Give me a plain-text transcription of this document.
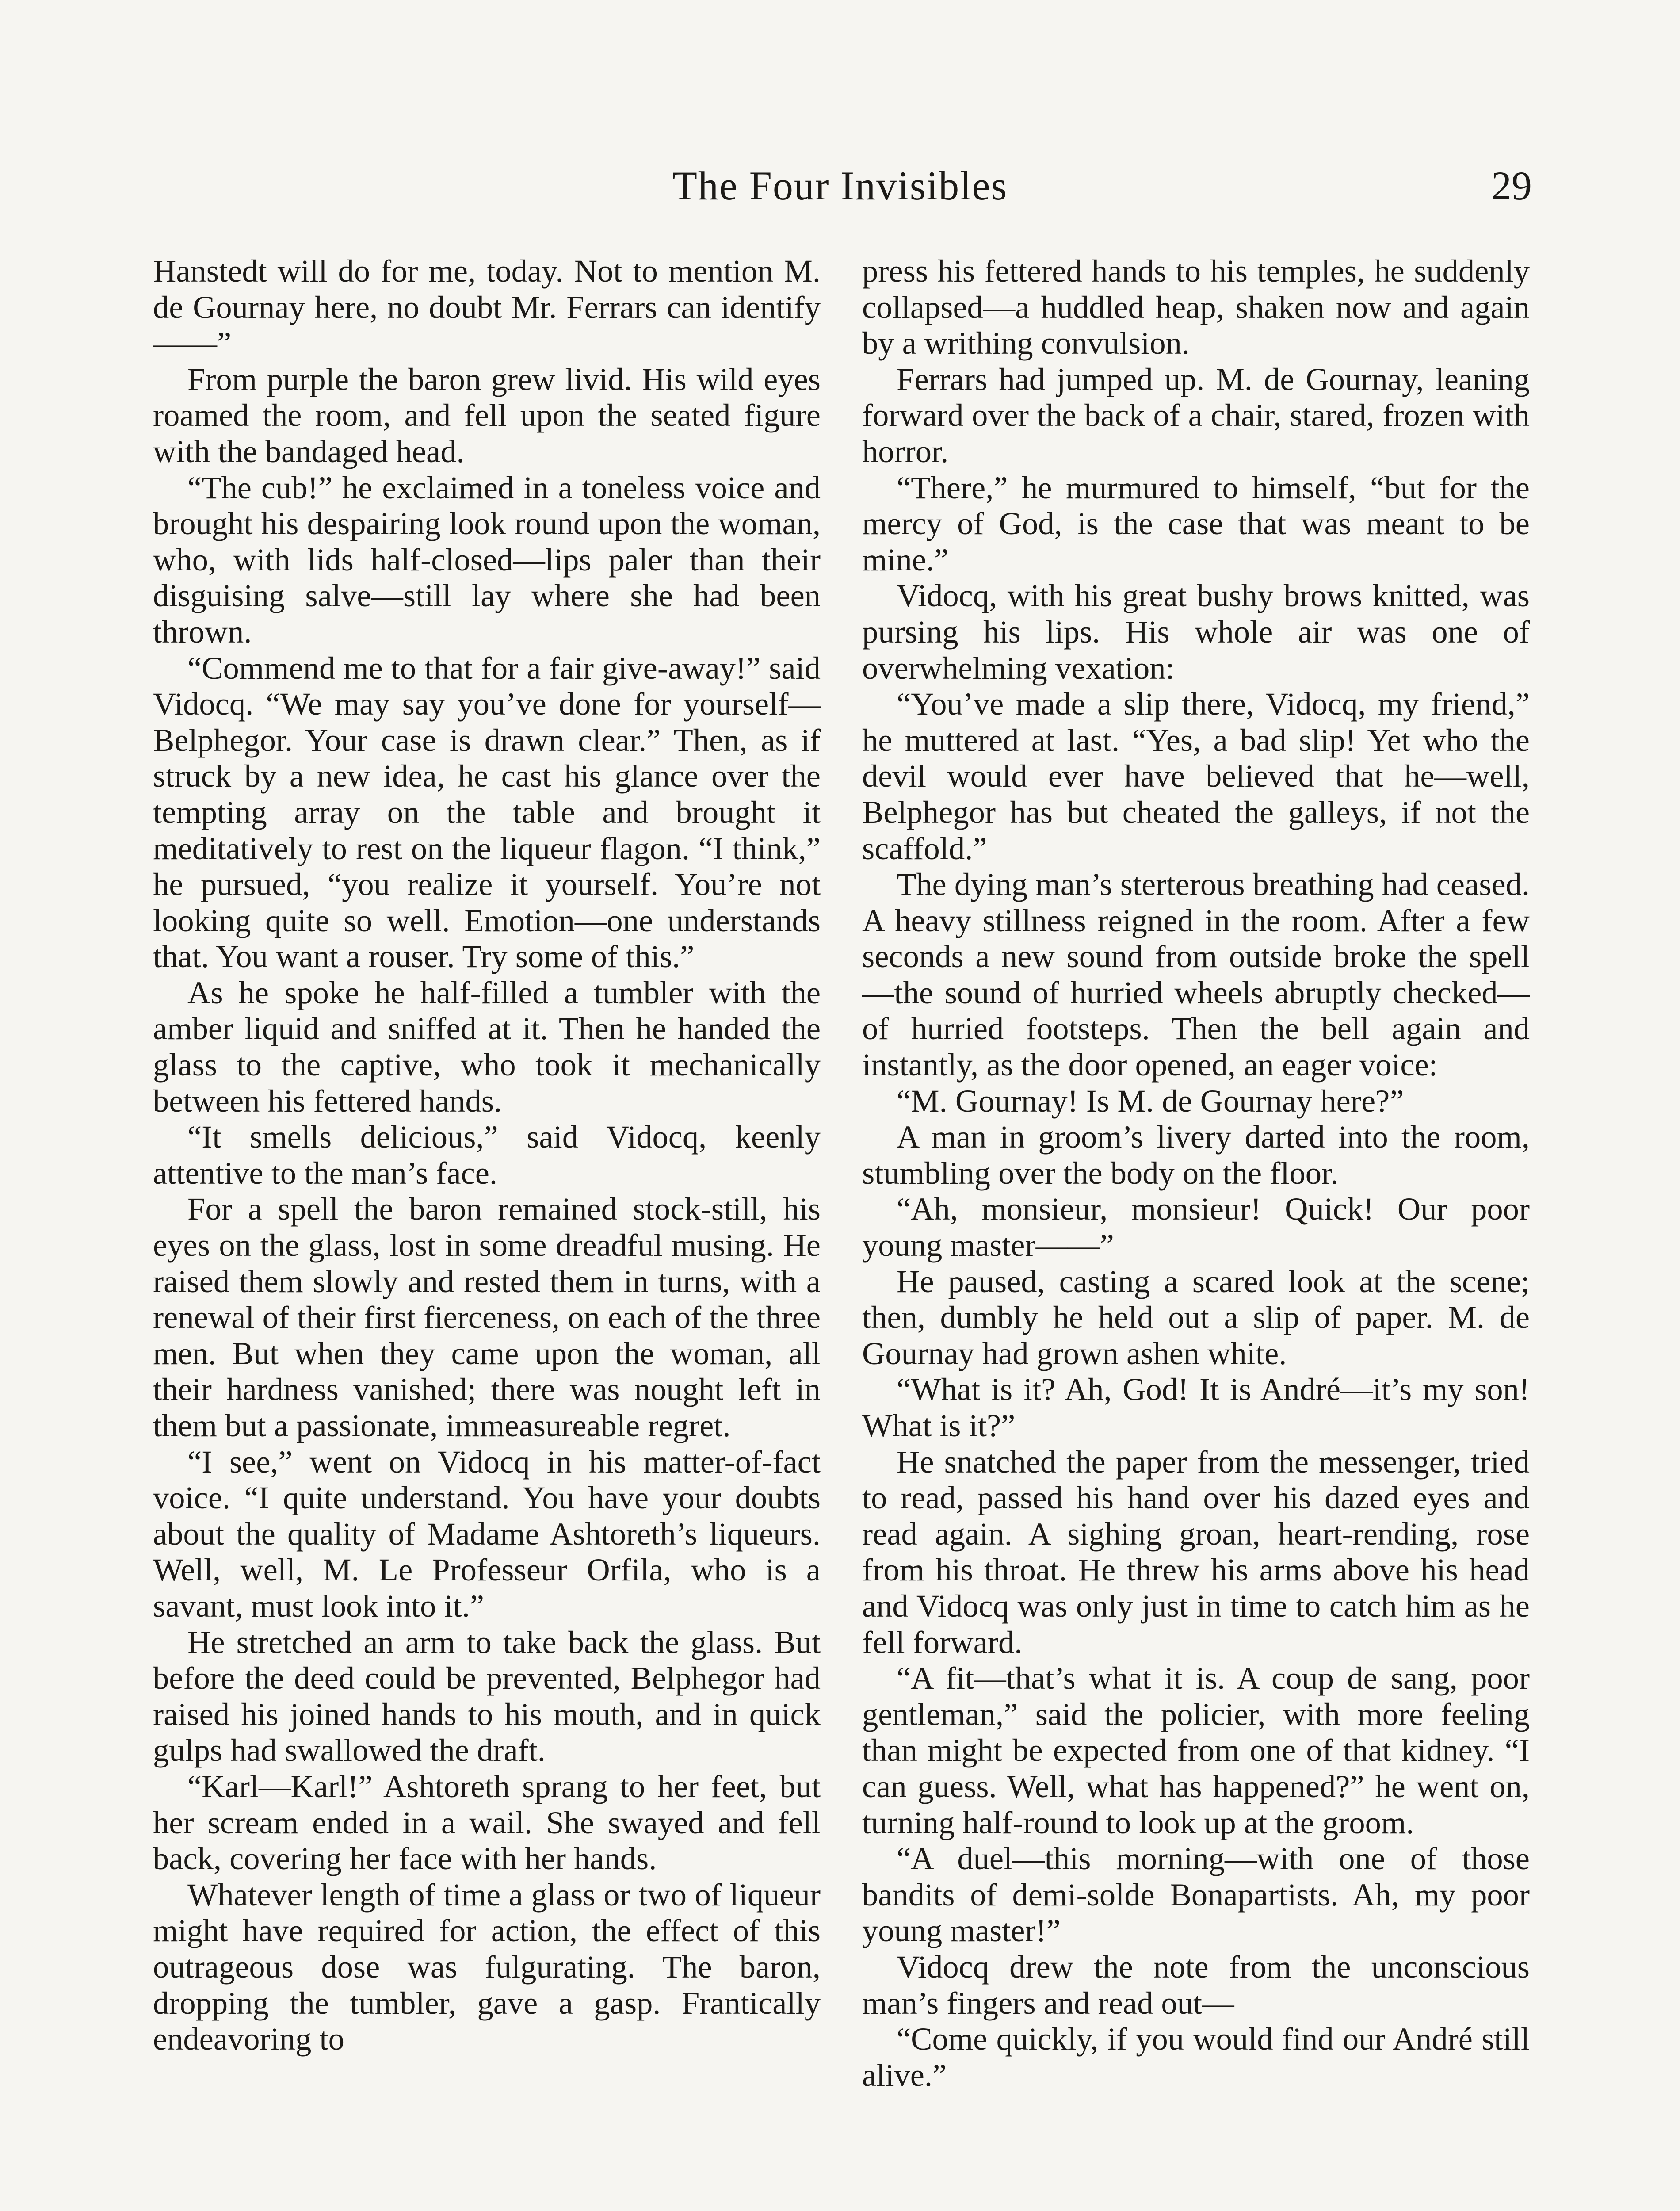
The Four Invisibles	29

Hanstedt will do for me, today. Not to mention M. de Gournay here, no doubt Mr. Ferrars can identify——”

From purple the baron grew livid. His wild eyes roamed the room, and fell upon the seated figure with the bandaged head.

“The cub!” he exclaimed in a toneless voice and brought his despairing look round upon the woman, who, with lids half-closed—lips paler than their disguising salve—still lay where she had been thrown.

“Commend me to that for a fair give-away!” said Vidocq. “We may say you’ve done for yourself—Belphegor. Your case is drawn clear.” Then, as if struck by a new idea, he cast his glance over the tempting array on the table and brought it meditatively to rest on the liqueur flagon. “I think,” he pursued, “you realize it yourself. You’re not looking quite so well. Emotion—one understands that. You want a rouser. Try some of this.”

As he spoke he half-filled a tumbler with the amber liquid and sniffed at it. Then he handed the glass to the captive, who took it mechanically between his fettered hands.

“It smells delicious,” said Vidocq, keenly attentive to the man’s face.

For a spell the baron remained stock-still, his eyes on the glass, lost in some dreadful musing. He raised them slowly and rested them in turns, with a renewal of their first fierceness, on each of the three men. But when they came upon the woman, all their hardness vanished; there was nought left in them but a passionate, immeasureable regret.

“I see,” went on Vidocq in his matter-of-fact voice. “I quite understand. You have your doubts about the quality of Madame Ashtoreth’s liqueurs. Well, well, M. Le Professeur Orfila, who is a savant, must look into it.”

He stretched an arm to take back the glass. But before the deed could be prevented, Belphegor had raised his joined hands to his mouth, and in quick gulps had swallowed the draft.

“Karl—Karl!” Ashtoreth sprang to her feet, but her scream ended in a wail. She swayed and fell back, covering her face with her hands.

Whatever length of time a glass or two of liqueur might have required for action, the effect of this outrageous dose was fulgurating. The baron, dropping the tumbler, gave a gasp. Frantically endeavoring to

press his fettered hands to his temples, he suddenly collapsed—a huddled heap, shaken now and again by a writhing convulsion.

Ferrars had jumped up. M. de Gournay, leaning forward over the back of a chair, stared, frozen with horror.

“There,” he murmured to himself, “but for the mercy of God, is the case that was meant to be mine.”

Vidocq, with his great bushy brows knitted, was pursing his lips. His whole air was one of overwhelming vexation:

“You’ve made a slip there, Vidocq, my friend,” he muttered at last. “Yes, a bad slip! Yet who the devil would ever have believed that he—well, Belphegor has but cheated the galleys, if not the scaffold.”

The dying man’s sterterous breathing had ceased. A heavy stillness reigned in the room. After a few seconds a new sound from outside broke the spell—the sound of hurried wheels abruptly checked—of hurried footsteps. Then the bell again and instantly, as the door opened, an eager voice:

“M. Gournay! Is M. de Gournay here?”

A man in groom’s livery darted into the room, stumbling over the body on the floor.

“Ah, monsieur, monsieur! Quick! Our poor young master——”

He paused, casting a scared look at the scene; then, dumbly he held out a slip of paper. M. de Gournay had grown ashen white.

“What is it? Ah, God! It is André—it’s my son! What is it?”

He snatched the paper from the messenger, tried to read, passed his hand over his dazed eyes and read again. A sighing groan, heart-rending, rose from his throat. He threw his arms above his head and Vidocq was only just in time to catch him as he fell forward.

“A fit—that’s what it is. A coup de sang, poor gentleman,” said the policier, with more feeling than might be expected from one of that kidney. “I can guess. Well, what has happened?” he went on, turning half-round to look up at the groom.

“A duel—this morning—with one of those bandits of demi-solde Bonapartists. Ah, my poor young master!”

Vidocq drew the note from the unconscious man’s fingers and read out—

“Come quickly, if you would find our André still alive.”
